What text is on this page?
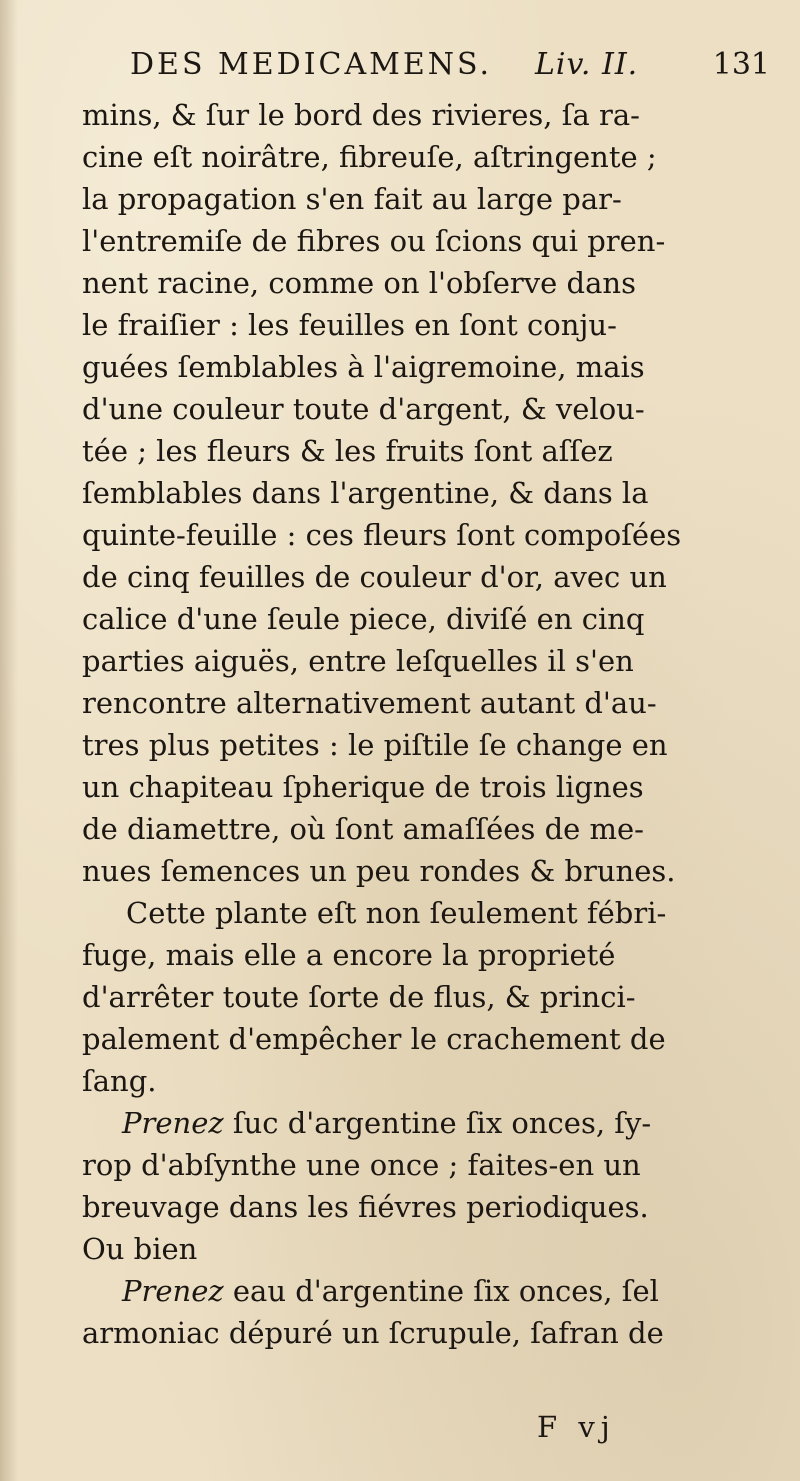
DES MEDICAMENS. Liv. II. 131
mins, & ſur le bord des rivieres, ſa ra-
cine eſt noirâtre, fibreuſe, aſtringente ;
la propagation s'en fait au large par-
l'entremiſe de fibres ou ſcions qui pren-
nent racine, comme on l'obſerve dans
le fraiſier : les feuilles en ſont conju-
guées ſemblables à l'aigremoine, mais
d'une couleur toute d'argent, & velou-
tée ; les fleurs & les fruits ſont aſſez
ſemblables dans l'argentine, & dans la
quinte-feuille : ces fleurs ſont compoſées
de cinq feuilles de couleur d'or, avec un
calice d'une ſeule piece, diviſé en cinq
parties aiguës, entre leſquelles il s'en
rencontre alternativement autant d'au-
tres plus petites : le piſtile ſe change en
un chapiteau ſpherique de trois lignes
de diamettre, où ſont amaſſées de me-
nues ſemences un peu rondes & brunes.
Cette plante eſt non ſeulement fébri-
fuge, mais elle a encore la proprieté
d'arrêter toute ſorte de flus, & princi-
palement d'empêcher le crachement de
ſang.
Prenez ſuc d'argentine ſix onces, ſy-
rop d'abſynthe une once ; faites-en un
breuvage dans les fiévres periodiques.
Ou bien
Prenez eau d'argentine ſix onces, ſel
armoniac dépuré un ſcrupule, ſafran de
F vj
